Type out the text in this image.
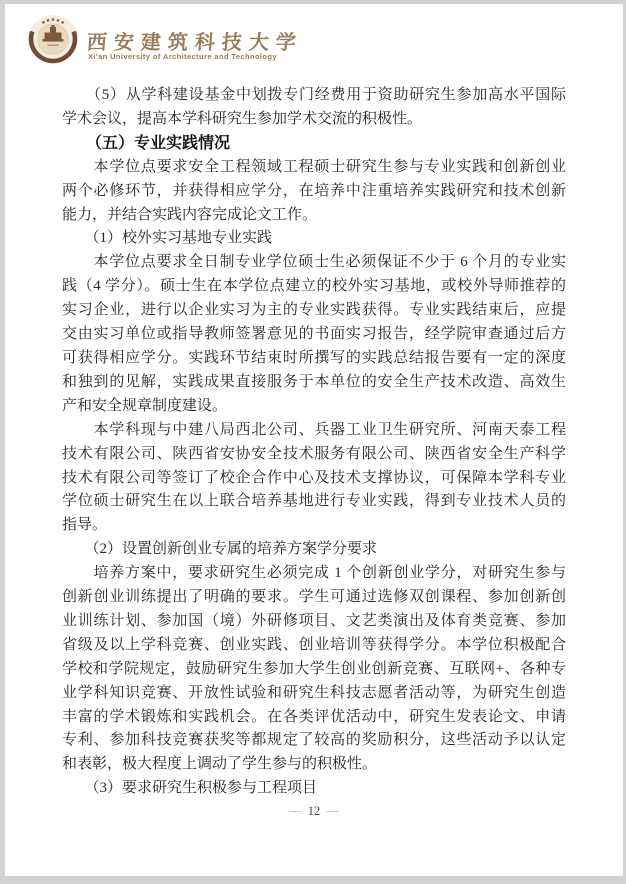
西安建筑科技大学
Xi'an University of Architecture and Technology
　　（5）从学科建设基金中划拨专门经费用于资助研究生参加高水平国际
学术会议，提高本学科研究生参加学术交流的积极性。
　　（五）专业实践情况
　　本学位点要求安全工程领域工程硕士研究生参与专业实践和创新创业
两个必修环节，并获得相应学分，在培养中注重培养实践研究和技术创新
能力，并结合实践内容完成论文工作。
　　（1）校外实习基地专业实践
　　本学位点要求全日制专业学位硕士生必须保证不少于 6 个月的专业实
践（4 学分）。硕士生在本学位点建立的校外实习基地，或校外导师推荐的
实习企业，进行以企业实习为主的专业实践获得。专业实践结束后，应提
交由实习单位或指导教师签署意见的书面实习报告，经学院审查通过后方
可获得相应学分。实践环节结束时所撰写的实践总结报告要有一定的深度
和独到的见解，实践成果直接服务于本单位的安全生产技术改造、高效生
产和安全规章制度建设。
　　本学科现与中建八局西北公司、兵器工业卫生研究所、河南天泰工程
技术有限公司、陕西省安协安全技术服务有限公司、陕西省安全生产科学
技术有限公司等签订了校企合作中心及技术支撑协议，可保障本学科专业
学位硕士研究生在以上联合培养基地进行专业实践，得到专业技术人员的
指导。
　　（2）设置创新创业专属的培养方案学分要求
　　培养方案中，要求研究生必须完成 1 个创新创业学分，对研究生参与
创新创业训练提出了明确的要求。学生可通过选修双创课程、参加创新创
业训练计划、参加国（境）外研修项目、文艺类演出及体育类竞赛、参加
省级及以上学科竞赛、创业实践、创业培训等获得学分。本学位积极配合
学校和学院规定，鼓励研究生参加大学生创业创新竞赛、互联网+、各种专
业学科知识竞赛、开放性试验和研究生科技志愿者活动等，为研究生创造
丰富的学术锻炼和实践机会。在各类评优活动中，研究生发表论文、申请
专利、参加科技竞赛获奖等都规定了较高的奖励积分，这些活动予以认定
和表彰，极大程度上调动了学生参与的积极性。
　　（3）要求研究生积极参与工程项目
— 12 —
